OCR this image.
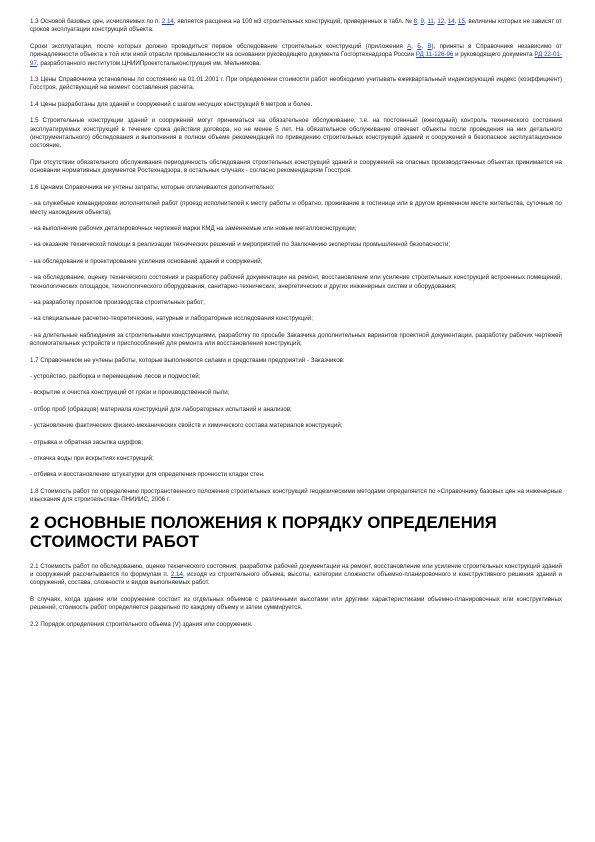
1.3 Основой базовых цен, исчисляемых по п. 2.14, является расценка на 100 м3 строительных конструкций, приведенных в табл. № 8, 9, 11, 12, 14, 15, величины которых не зависят от сроков эксплуатации конструкций объекта.

Сроки эксплуатации, после которых должно проводиться первое обследование строительных конструкций (приложения А, Б, В), приняты в Справочнике независимо от принадлежности объекта к той или иной отрасли промышленности на основании руководящего документа Госгортехнадзора России РД 11-126-96 и руководящего документа РД 22-01-97, разработанного институтом ЦНИИПроектстальконструкция им. Мельникова.

1.3 Цены Справочника установлены по состоянию на 01.01.2001 г. При определении стоимости работ необходимо учитывать ежеквартальный индексирующий индекс (коэффициент) Госстроя, действующий на момент составления расчета.

1.4 Цены разработаны для зданий и сооружений с шагом несущих конструкций 6 метров и более.

1.5 Строительные конструкции зданий и сооружений могут приниматься на обязательное обслуживание, т.е. на постоянный (ежегодный) контроль технического состояния эксплуатируемых конструкций в течение срока действия договора, но не менее 5 лет. На обязательное обслуживание отвечает объекты после проведения на них детального (инструментального) обследования и выполнения в полном объеме рекомендаций по приведению строительных конструкций зданий и сооружений в безопасное эксплуатационное состояние.

При отсутствии обязательного обслуживания периодичность обследования строительных конструкций зданий и сооружений на опасных производственных объектах принимается на основании нормативных документов Ростехнадзора, в остальных случаях - согласно рекомендациям Госстроя.

1.6 Ценами Справочника не учтены затраты, которые оплачиваются дополнительно:

- на служебные командировки исполнителей работ (проезд исполнителей к месту работы и обратно, проживание в гостинице или в другом временном месте жительства, суточные по месту нахождения объекта);

- на выполнение рабочих деталировочных чертежей марки КМД на заменяемые или новые металлоконструкции;

- на оказание технической помощи в реализации технических решений и мероприятий по Заключению экспертизы промышленной безопасности;

- на обследование и проектирование усиления оснований зданий и сооружений;

- на обследование, оценку технического состояния и разработку рабочей документации на ремонт, восстановление или усиление строительных конструкций встроенных помещений, технологических площадок, технологического оборудования, санитарно-технических, энергетических и других инженерных систем и оборудования;

- на разработку проектов производства строительных работ;

- на специальные расчетно-теоретические, натурные и лабораторные исследования конструкций;

- на длительные наблюдения за строительными конструкциями, разработку по просьбе Заказчика дополнительных вариантов проектной документации, разработку рабочих чертежей вспомогательных устройств и приспособлений для ремонта или восстановления конструкций;

1.7 Справочником не учтены работы, которые выполняются силами и средствами предприятий - Заказчиков:

- устройство, разборка и перемещение лесов и подмостей;

- вскрытие и очистка конструкций от грязи и производственной пыли;

- отбор проб (образцов) материала конструкций для лабораторных испытаний и анализов;

- установление фактических физико-механических свойств и химического состава материалов конструкций;

- отрывка и обратная засыпка шурфов;

- откачка воды при вскрытиях конструкций;

- отбивка и восстановление штукатурки для определения прочности кладки стен.

1.8 Стоимость работ по определению пространственного положения строительных конструкций геодезическими методами определяется по «Справочнику базовых цен на инженерные изыскания для строительства» ПНИИИС, 2006 г.

2 ОСНОВНЫЕ ПОЛОЖЕНИЯ К ПОРЯДКУ ОПРЕДЕЛЕНИЯ СТОИМОСТИ РАБОТ

2.1 Стоимость работ по обследованию, оценке технического состояния, разработке рабочей документации на ремонт, восстановление или усиление строительных конструкций зданий и сооружений рассчитывается по формулам п. 2.14, исходя из строительного объема, высоты, категории сложности объемно-планировочного и конструктивного решения зданий и сооружений, состава, сложности и видов выполняемых работ.

В случаях, когда здание или сооружение состоит из отдельных объемов с различными высотами или другими характеристиками объемно-планировочных или конструктивных решений, стоимость работ определяется раздельно по каждому объему и затем суммируется.

2.2 Порядок определения строительного объема (V) здания или сооружения.
